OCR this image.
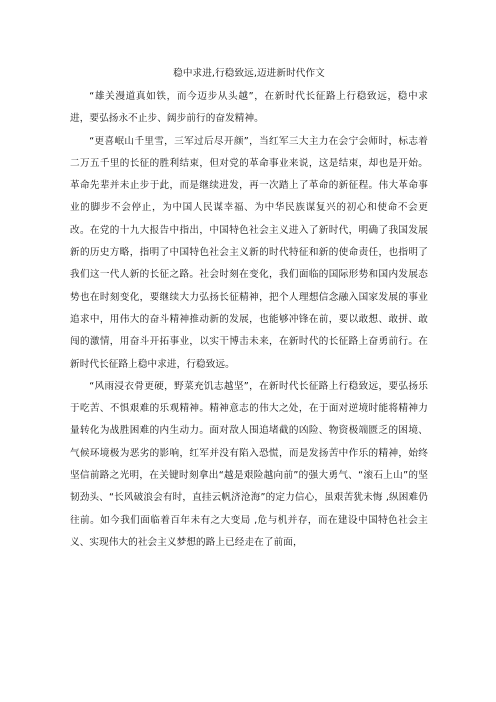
稳中求进,行稳致远,迈进新时代作文

“雄关漫道真如铁，而今迈步从头越”，在新时代长征路上行稳致远，稳中求进，要弘扬永不止步、阔步前行的奋发精神。

“更喜岷山千里雪，三军过后尽开颜”，当红军三大主力在会宁会师时，标志着二万五千里的长征的胜利结束，但对党的革命事业来说，这是结束，却也是开始。革命先辈并未止步于此，而是继续进发，再一次踏上了革命的新征程。伟大革命事业的脚步不会停止，为中国人民谋幸福、为中华民族谋复兴的初心和使命不会更改。在党的十九大报告中指出，中国特色社会主义进入了新时代，明确了我国发展新的历史方略，指明了中国特色社会主义新的时代特征和新的使命责任，也指明了我们这一代人新的长征之路。社会时刻在变化，我们面临的国际形势和国内发展态势也在时刻变化，要继续大力弘扬长征精神，把个人理想信念融入国家发展的事业追求中，用伟大的奋斗精神推动新的发展，也能够冲锋在前，要以敢想、敢拼、敢闯的激情，用奋斗开拓事业，以实干博击未来，在新时代的长征路上奋勇前行。在新时代长征路上稳中求进，行稳致远。

“风雨浸衣骨更硬，野菜充饥志越坚”，在新时代长征路上行稳致远，要弘扬乐于吃苦、不惧艰难的乐观精神。精神意志的伟大之处，在于面对逆境时能将精神力量转化为战胜困难的内生动力。面对敌人围追堵截的凶险、物资极端匮乏的困境、气候环境极为恶劣的影响，红军并没有陷入恐慌，而是发扬苦中作乐的精神，始终坚信前路之光明，在关键时刻拿出“越是艰险越向前”的强大勇气、“滚石上山”的坚韧劲头、“长风破浪会有时，直挂云帆济沧海”的定力信心，虽艰苦犹未悔 ,纵困难仍往前。如今我们面临着百年未有之大变局 ,危与机并存，而在建设中国特色社会主义、实现伟大的社会主义梦想的路上已经走在了前面，
